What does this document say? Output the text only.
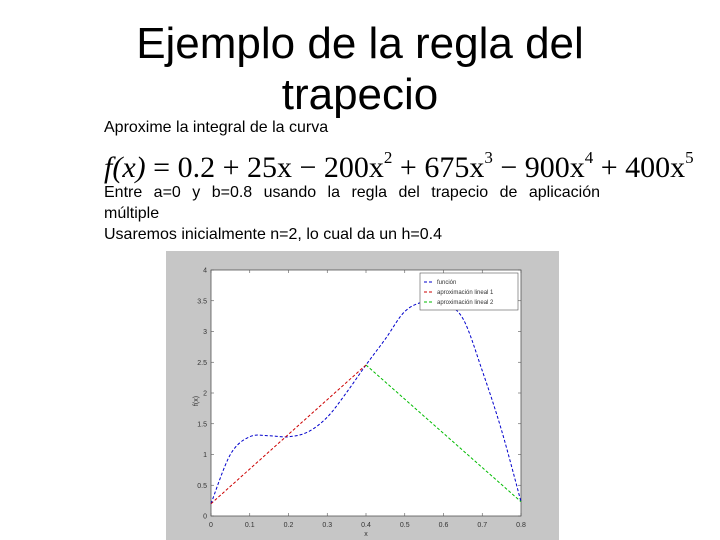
Ejemplo de la regla del trapecio
Aproxime la integral de la curva
$f(x) = 0.2 + 25x - 200x^2 + 675x^3 - 900x^4 + 400x^5$
Entre a=0 y b=0.8 usando la regla del trapecio de aplicación
múltiple
Usaremos inicialmente n=2, lo cual da un h=0.4
0	0.1	0.2	0.3	0.4	0.5	0.6	0.7	0.8
0
0.5
1
1.5
2
2.5
3
3.5
4
x
f(x)
función
aproximación lineal 1
aproximación lineal 2
